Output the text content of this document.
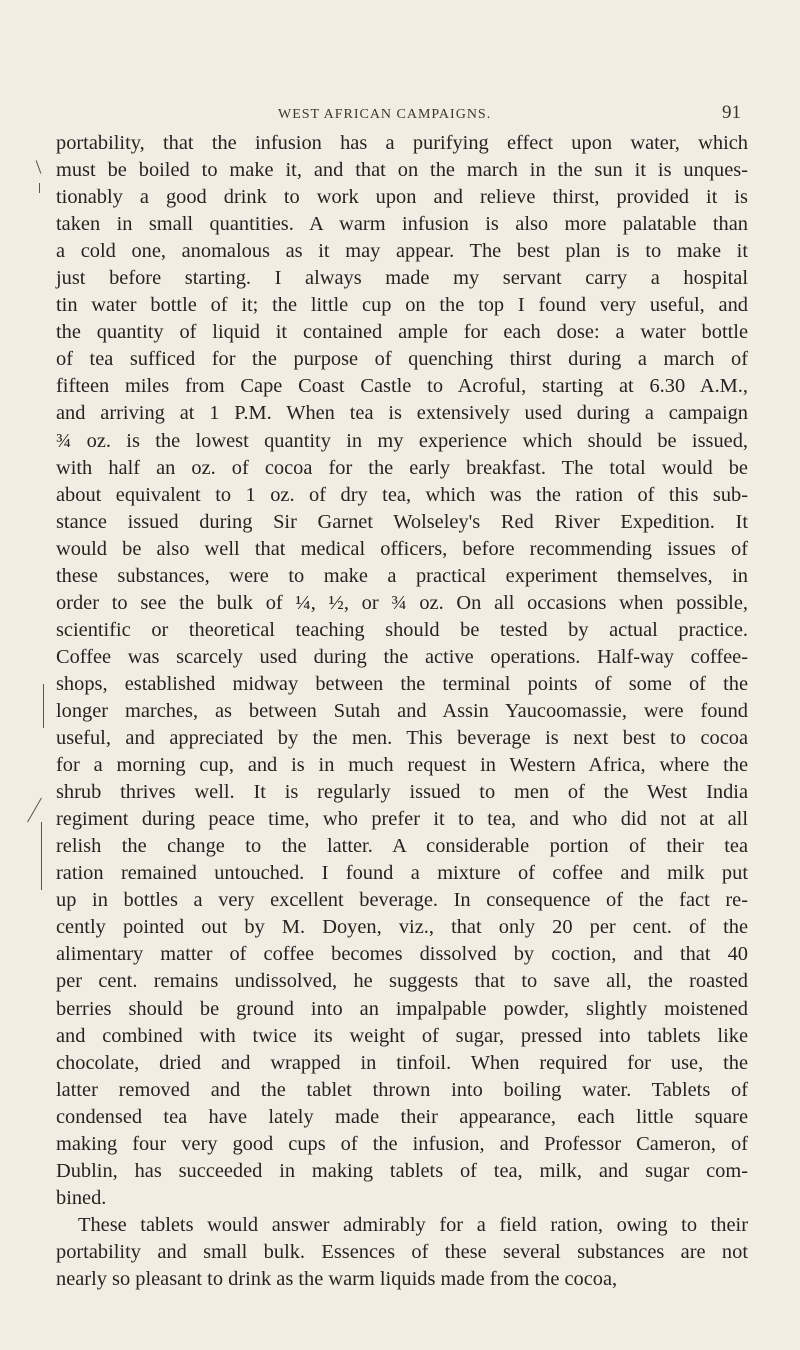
WEST AFRICAN CAMPAIGNS.	91
portability, that the infusion has a purifying effect upon water, which
must be boiled to make it, and that on the march in the sun it is unques-
tionably a good drink to work upon and relieve thirst, provided it is
taken in small quantities. A warm infusion is also more palatable than
a cold one, anomalous as it may appear. The best plan is to make it
just before starting. I always made my servant carry a hospital
tin water bottle of it; the little cup on the top I found very useful, and
the quantity of liquid it contained ample for each dose: a water bottle
of tea sufficed for the purpose of quenching thirst during a march of
fifteen miles from Cape Coast Castle to Acroful, starting at 6.30 A.M.,
and arriving at 1 P.M. When tea is extensively used during a campaign
¾ oz. is the lowest quantity in my experience which should be issued,
with half an oz. of cocoa for the early breakfast. The total would be
about equivalent to 1 oz. of dry tea, which was the ration of this sub-
stance issued during Sir Garnet Wolseley's Red River Expedition. It
would be also well that medical officers, before recommending issues of
these substances, were to make a practical experiment themselves, in
order to see the bulk of ¼, ½, or ¾ oz. On all occasions when possible,
scientific or theoretical teaching should be tested by actual practice.
Coffee was scarcely used during the active operations. Half-way coffee-
shops, established midway between the terminal points of some of the
longer marches, as between Sutah and Assin Yaucoomassie, were found
useful, and appreciated by the men. This beverage is next best to cocoa
for a morning cup, and is in much request in Western Africa, where the
shrub thrives well. It is regularly issued to men of the West India
regiment during peace time, who prefer it to tea, and who did not at all
relish the change to the latter. A considerable portion of their tea
ration remained untouched. I found a mixture of coffee and milk put
up in bottles a very excellent beverage. In consequence of the fact re-
cently pointed out by M. Doyen, viz., that only 20 per cent. of the
alimentary matter of coffee becomes dissolved by coction, and that 40
per cent. remains undissolved, he suggests that to save all, the roasted
berries should be ground into an impalpable powder, slightly moistened
and combined with twice its weight of sugar, pressed into tablets like
chocolate, dried and wrapped in tinfoil. When required for use, the
latter removed and the tablet thrown into boiling water. Tablets of
condensed tea have lately made their appearance, each little square
making four very good cups of the infusion, and Professor Cameron, of
Dublin, has succeeded in making tablets of tea, milk, and sugar com-
bined.
These tablets would answer admirably for a field ration, owing to their
portability and small bulk. Essences of these several substances are not
nearly so pleasant to drink as the warm liquids made from the cocoa,
